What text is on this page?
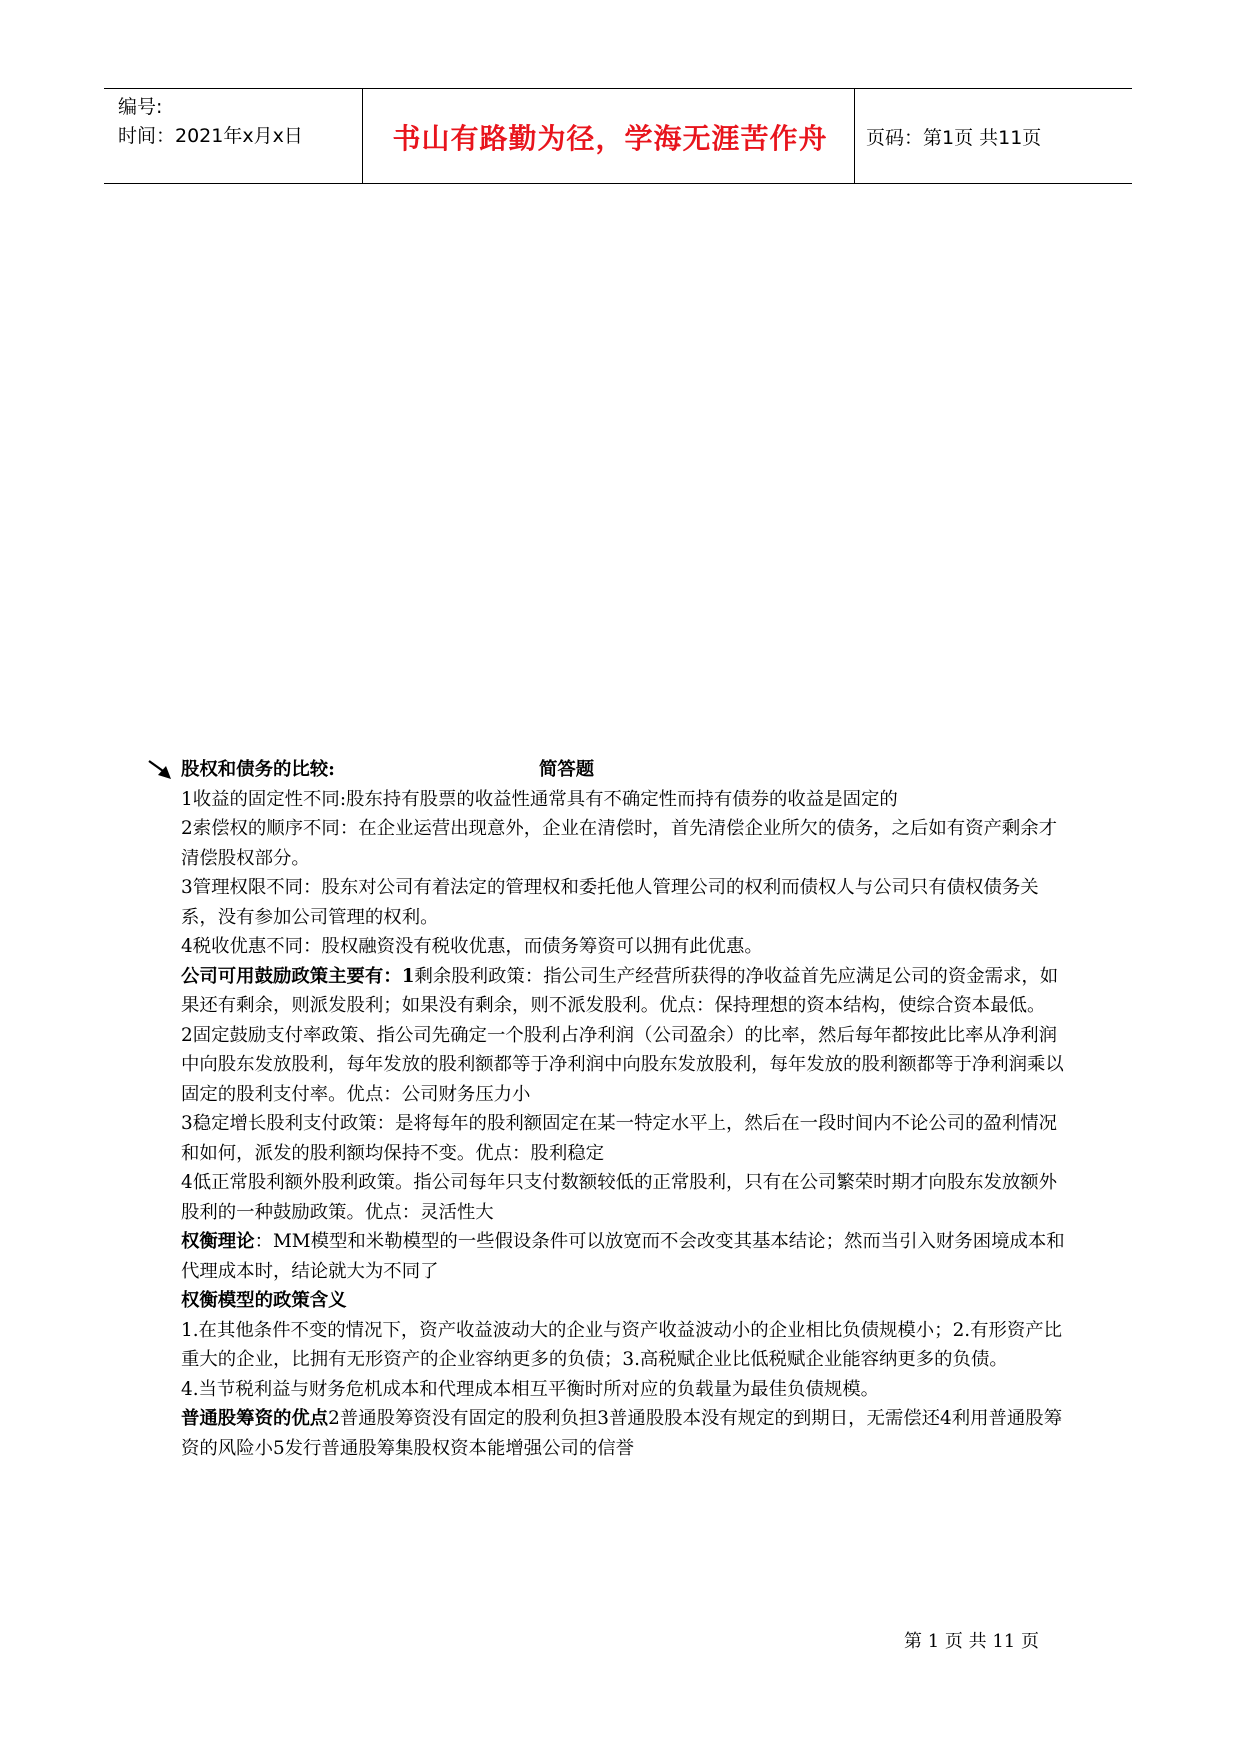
编号:
时间：2021年x月x日	书山有路勤为径，学海无涯苦作舟	页码：第1页 共11页
股权和债务的比较:	简答题

1收益的固定性不同:股东持有股票的收益性通常具有不确定性而持有债券的收益是固定的

2索偿权的顺序不同：在企业运营出现意外，企业在清偿时，首先清偿企业所欠的债务，之后如有资产剩余才清偿股权部分。

3管理权限不同：股东对公司有着法定的管理权和委托他人管理公司的权利而债权人与公司只有债权债务关系，没有参加公司管理的权利。

4税收优惠不同：股权融资没有税收优惠，而债务筹资可以拥有此优惠。

公司可用鼓励政策主要有：1剩余股利政策：指公司生产经营所获得的净收益首先应满足公司的资金需求，如果还有剩余，则派发股利；如果没有剩余，则不派发股利。优点：保持理想的资本结构，使综合资本最低。

2固定鼓励支付率政策、指公司先确定一个股利占净利润（公司盈余）的比率，然后每年都按此比率从净利润中向股东发放股利，每年发放的股利额都等于净利润中向股东发放股利，每年发放的股利额都等于净利润乘以固定的股利支付率。优点：公司财务压力小

3稳定增长股利支付政策：是将每年的股利额固定在某一特定水平上，然后在一段时间内不论公司的盈利情况和如何，派发的股利额均保持不变。优点：股利稳定

4低正常股利额外股利政策。指公司每年只支付数额较低的正常股利，只有在公司繁荣时期才向股东发放额外股利的一种鼓励政策。优点：灵活性大

权衡理论：MM模型和米勒模型的一些假设条件可以放宽而不会改变其基本结论；然而当引入财务困境成本和代理成本时，结论就大为不同了

权衡模型的政策含义

1.在其他条件不变的情况下，资产收益波动大的企业与资产收益波动小的企业相比负债规模小；2.有形资产比重大的企业，比拥有无形资产的企业容纳更多的负债；3.高税赋企业比低税赋企业能容纳更多的负债。

4.当节税利益与财务危机成本和代理成本相互平衡时所对应的负载量为最佳负债规模。

普通股筹资的优点2普通股筹资没有固定的股利负担3普通股股本没有规定的到期日，无需偿还4利用普通股筹资的风险小5发行普通股筹集股权资本能增强公司的信誉

第 1 页 共 11 页
